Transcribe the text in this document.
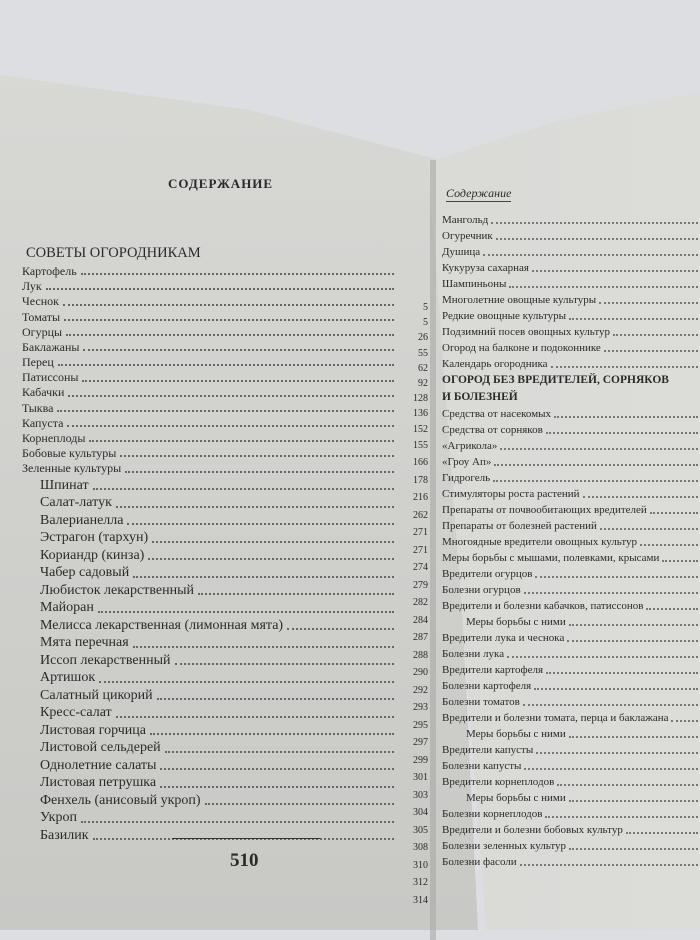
СОДЕРЖАНИЕ
СОВЕТЫ ОГОРОДНИКАМ
Картофель
Лук
Чеснок
Томаты
Огурцы
Баклажаны
Перец
Патиссоны
Кабачки
Тыква
Капуста
Корнеплоды
Бобовые культуры
Зеленные культуры
Шпинат
Салат-латук
Валерианелла
Эстрагон (тархун)
Кориандр (кинза)
Чабер садовый
Любисток лекарственный
Майоран
Мелисса лекарственная (лимонная мята)
Мята перечная
Иссоп лекарственный
Артишок
Салатный цикорий
Кресс-салат
Листовая горчица
Листовой сельдерей
Однолетние салаты
Листовая петрушка
Фенхель (анисовый укроп)
Укроп
Базилик
5
5
26
55
62
92
128
136
152
155
166
178
216
262
271
271
274
279
282
284
287
288
290
292
293
295
297
299
301
303
304
305
308
310
312
314
510
Содержание
Мангольд
Огуречник
Душица
Кукуруза сахарная
Шампиньоны
Многолетние овощные культуры
Редкие овощные культуры
Подзимний посев овощных культур
Огород на балконе и подоконнике
Календарь огородника
ОГОРОД БЕЗ ВРЕДИТЕЛЕЙ, СОРНЯКОВ
И БОЛЕЗНЕЙ
Средства от насекомых
Средства от сорняков
«Агрикола»
«Гроу Ап»
Гидрогель
Стимуляторы роста растений
Препараты от почвообитающих вредителей
Препараты от болезней растений
Многоядные вредители овощных культур
Меры борьбы с мышами, полевками, крысами
Вредители огурцов
Болезни огурцов
Вредители и болезни кабачков, патиссонов
Меры борьбы с ними
Вредители лука и чеснока
Болезни лука
Вредители картофеля
Болезни картофеля
Болезни томатов
Вредители и болезни томата, перца и баклажана
Меры борьбы с ними
Вредители капусты
Болезни капусты
Вредители корнеплодов
Меры борьбы с ними
Болезни корнеплодов
Вредители и болезни бобовых культур
Болезни зеленных культур
Болезни фасоли
